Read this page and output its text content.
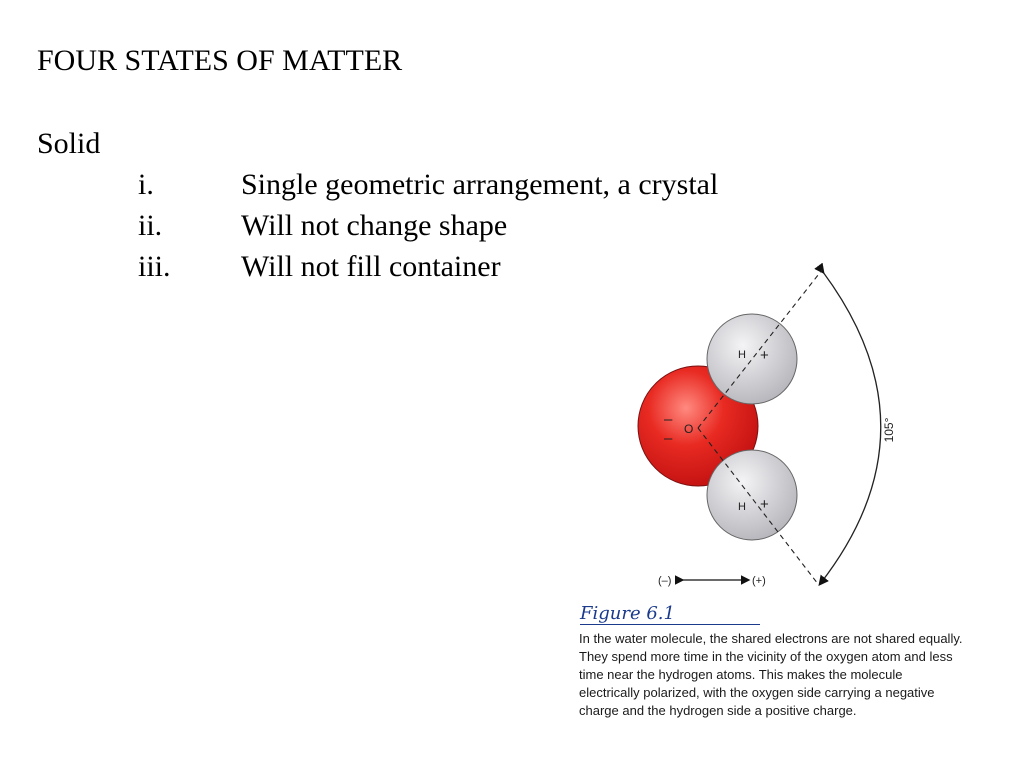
FOUR STATES OF MATTER
Solid
i.	Single geometric arrangement, a crystal
ii.	Will not change shape
iii. Will not fill container
105°
H +
H +
O
–
–
(–)	(+)
Figure 6.1
In the water molecule, the shared electrons are not shared equally. They spend more time in the vicinity of the oxygen atom and less time near the hydrogen atoms. This makes the molecule electrically polarized, with the oxygen side carrying a negative charge and the hydrogen side a positive charge.
